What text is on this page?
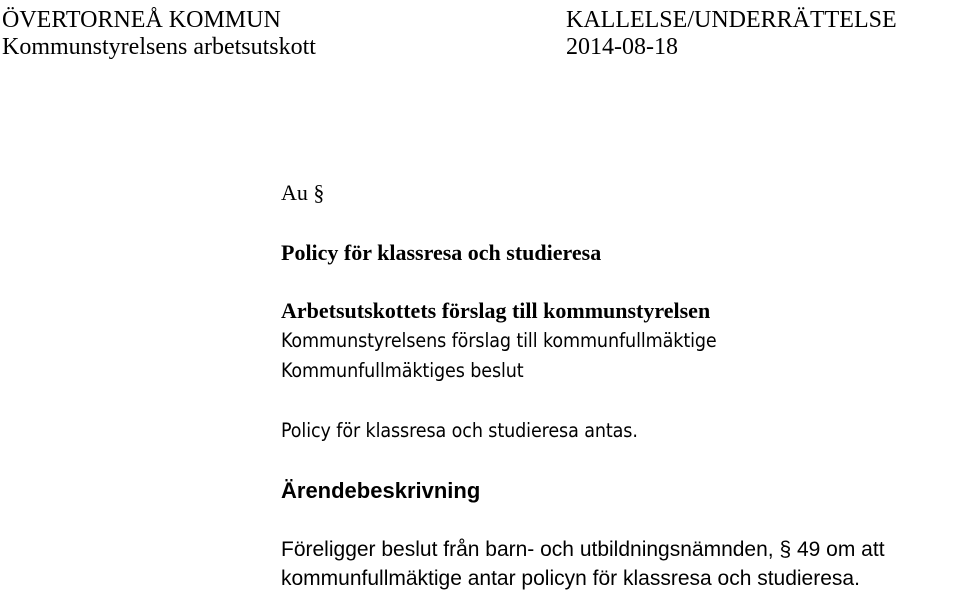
ÖVERTORNEÅ KOMMUN
Kommunstyrelsens arbetsutskott
KALLELSE/UNDERRÄTTELSE
2014-08-18
Au §
Policy för klassresa och studieresa
Arbetsutskottets förslag till kommunstyrelsen
Kommunstyrelsens förslag till kommunfullmäktige
Kommunfullmäktiges beslut
Policy för klassresa och studieresa antas.
Ärendebeskrivning
Föreligger beslut från barn- och utbildningsnämnden, § 49 om att
kommunfullmäktige antar policyn för klassresa och studieresa.
